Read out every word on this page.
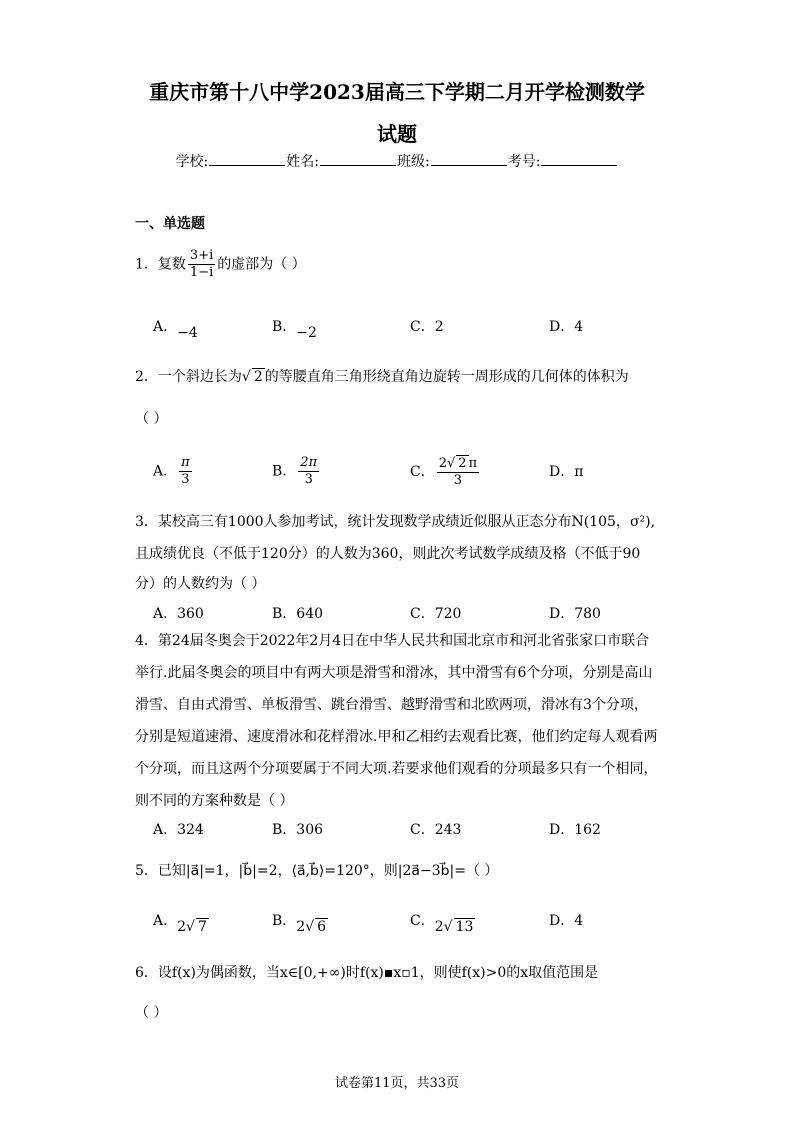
重庆市第十八中学2023届高三下学期二月开学检测数学
试题
学校:	姓名:	班级:	考号:
一、单选题
1．复数 $\frac{3+i}{1-i}$ 的虚部为（ ）
A．−4	B．−2	C．2	D．4
2．一个斜边长为√ 2 的等腰直角三角形绕直角边旋转一周形成的几何体的体积为
（ ）
A． $\frac{\pi}{3}$	B． $\frac{2\pi}{3}$	C． $\frac{2√ 2 \pi}{3}$	D．π
3．某校高三有1000人参加考试，统计发现数学成绩近似服从正态分布N(105，σ²),
且成绩优良（不低于120分）的人数为360，则此次考试数学成绩及格（不低于90
分）的人数约为（ ）
A．360	B．640	C．720	D．780
4．第24届冬奥会于2022年2月4日在中华人民共和国北京市和河北省张家口市联合
举行.此届冬奥会的项目中有两大项是滑雪和滑冰，其中滑雪有6个分项，分别是高山
滑雪、自由式滑雪、单板滑雪、跳台滑雪、越野滑雪和北欧两项，滑冰有3个分项，
分别是短道速滑、速度滑冰和花样滑冰.甲和乙相约去观看比赛，他们约定每人观看两
个分项，而且这两个分项要属于不同大项.若要求他们观看的分项最多只有一个相同，
则不同的方案种数是（ ）
A．324	B．306	C．243	D．162
5．已知|a⃗|=1，|b⃗|=2，⟨a⃗,b⃗⟩=120°，则|2a⃗−3b⃗|=（ ）
A．2√ 7	B．2√ 6	C．2√ 13	D．4
6．设f(x)为偶函数，当x∈[0,+∞)时f(x)▪x▫1，则使f(x)>0的x取值范围是
（ ）
试卷第11页，共33页
